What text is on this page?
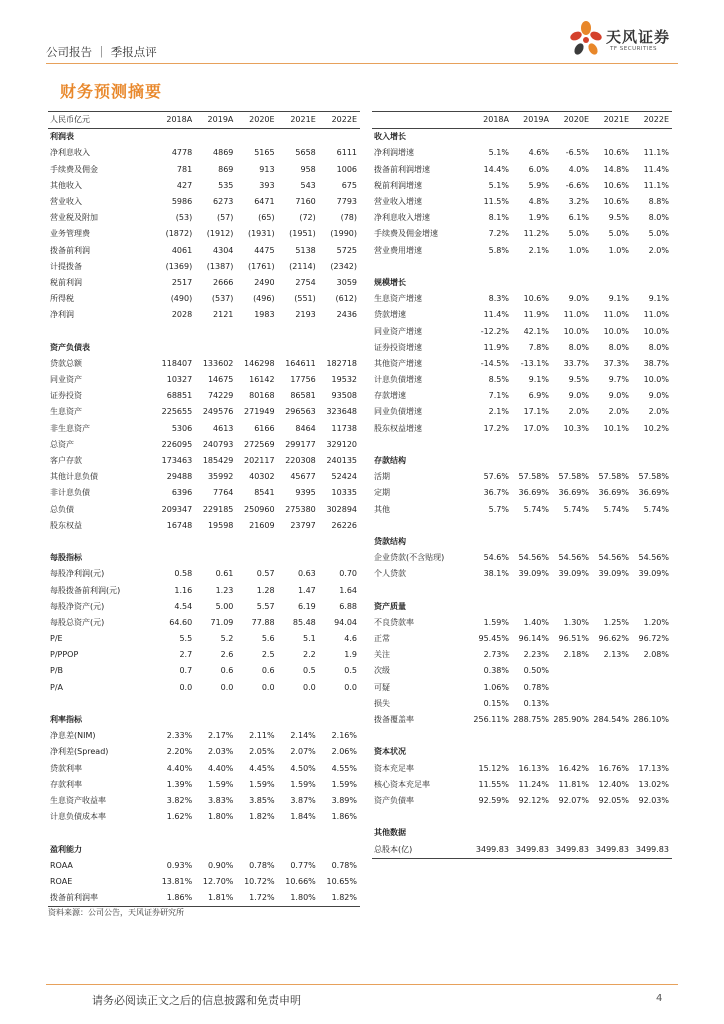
公司报告 ｜ 季报点评
天风证券
TF SECURITIES
财务预测摘要
人民币亿元	2018A	2019A	2020E	2021E	2022E
利润表					
净利息收入	4778	4869	5165	5658	6111
手续费及佣金	781	869	913	958	1006
其他收入	427	535	393	543	675
营业收入	5986	6273	6471	7160	7793
营业税及附加	(53)	(57)	(65)	(72)	(78)
业务管理费	(1872)	(1912)	(1931)	(1951)	(1990)
拨备前利润	4061	4304	4475	5138	5725
计提拨备	(1369)	(1387)	(1761)	(2114)	(2342)
税前利润	2517	2666	2490	2754	3059
所得税	(490)	(537)	(496)	(551)	(612)
净利润	2028	2121	1983	2193	2436

资产负债表					
贷款总额	118407	133602	146298	164611	182718
同业资产	10327	14675	16142	17756	19532
证券投资	68851	74229	80168	86581	93508
生息资产	225655	249576	271949	296563	323648
非生息资产	5306	4613	6166	8464	11738
总资产	226095	240793	272569	299177	329120
客户存款	173463	185429	202117	220308	240135
其他计息负债	29488	35992	40302	45677	52424
非计息负债	6396	7764	8541	9395	10335
总负债	209347	229185	250960	275380	302894
股东权益	16748	19598	21609	23797	26226

每股指标					
每股净利润(元)	0.58	0.61	0.57	0.63	0.70
每股拨备前利润(元)	1.16	1.23	1.28	1.47	1.64
每股净资产(元)	4.54	5.00	5.57	6.19	6.88
每股总资产(元)	64.60	71.09	77.88	85.48	94.04
P/E	5.5	5.2	5.6	5.1	4.6
P/PPOP	2.7	2.6	2.5	2.2	1.9
P/B	0.7	0.6	0.6	0.5	0.5
P/A	0.0	0.0	0.0	0.0	0.0

利率指标					
净息差(NIM)	2.33%	2.17%	2.11%	2.14%	2.16%
净利差(Spread)	2.20%	2.03%	2.05%	2.07%	2.06%
贷款利率	4.40%	4.40%	4.45%	4.50%	4.55%
存款利率	1.39%	1.59%	1.59%	1.59%	1.59%
生息资产收益率	3.82%	3.83%	3.85%	3.87%	3.89%
计息负债成本率	1.62%	1.80%	1.82%	1.84%	1.86%

盈利能力					
ROAA	0.93%	0.90%	0.78%	0.77%	0.78%
ROAE	13.81%	12.70%	10.72%	10.66%	10.65%
拨备前利润率	1.86%	1.81%	1.72%	1.80%	1.82%
	2018A	2019A	2020E	2021E	2022E
收入增长					
净利润增速	5.1%	4.6%	-6.5%	10.6%	11.1%
拨备前利润增速	14.4%	6.0%	4.0%	14.8%	11.4%
税前利润增速	5.1%	5.9%	-6.6%	10.6%	11.1%
营业收入增速	11.5%	4.8%	3.2%	10.6%	8.8%
净利息收入增速	8.1%	1.9%	6.1%	9.5%	8.0%
手续费及佣金增速	7.2%	11.2%	5.0%	5.0%	5.0%
营业费用增速	5.8%	2.1%	1.0%	1.0%	2.0%

规模增长					
生息资产增速	8.3%	10.6%	9.0%	9.1%	9.1%
贷款增速	11.4%	11.9%	11.0%	11.0%	11.0%
同业资产增速	-12.2%	42.1%	10.0%	10.0%	10.0%
证券投资增速	11.9%	7.8%	8.0%	8.0%	8.0%
其他资产增速	-14.5%	-13.1%	33.7%	37.3%	38.7%
计息负债增速	8.5%	9.1%	9.5%	9.7%	10.0%
存款增速	7.1%	6.9%	9.0%	9.0%	9.0%
同业负债增速	2.1%	17.1%	2.0%	2.0%	2.0%
股东权益增速	17.2%	17.0%	10.3%	10.1%	10.2%

存款结构					
活期	57.6%	57.58%	57.58%	57.58%	57.58%
定期	36.7%	36.69%	36.69%	36.69%	36.69%
其他	5.7%	5.74%	5.74%	5.74%	5.74%

贷款结构					
企业贷款(不含贴现)	54.6%	54.56%	54.56%	54.56%	54.56%
个人贷款	38.1%	39.09%	39.09%	39.09%	39.09%

资产质量					
不良贷款率	1.59%	1.40%	1.30%	1.25%	1.20%
正常	95.45%	96.14%	96.51%	96.62%	96.72%
关注	2.73%	2.23%	2.18%	2.13%	2.08%
次级	0.38%	0.50%			
可疑	1.06%	0.78%			
损失	0.15%	0.13%			
拨备覆盖率	256.11%	288.75%	285.90%	284.54%	286.10%

资本状况					
资本充足率	15.12%	16.13%	16.42%	16.76%	17.13%
核心资本充足率	11.55%	11.24%	11.81%	12.40%	13.02%
资产负债率	92.59%	92.12%	92.07%	92.05%	92.03%

其他数据					
总股本(亿)	3499.83	3499.83	3499.83	3499.83	3499.83
资料来源：公司公告，天风证券研究所
请务必阅读正文之后的信息披露和免责申明	4
